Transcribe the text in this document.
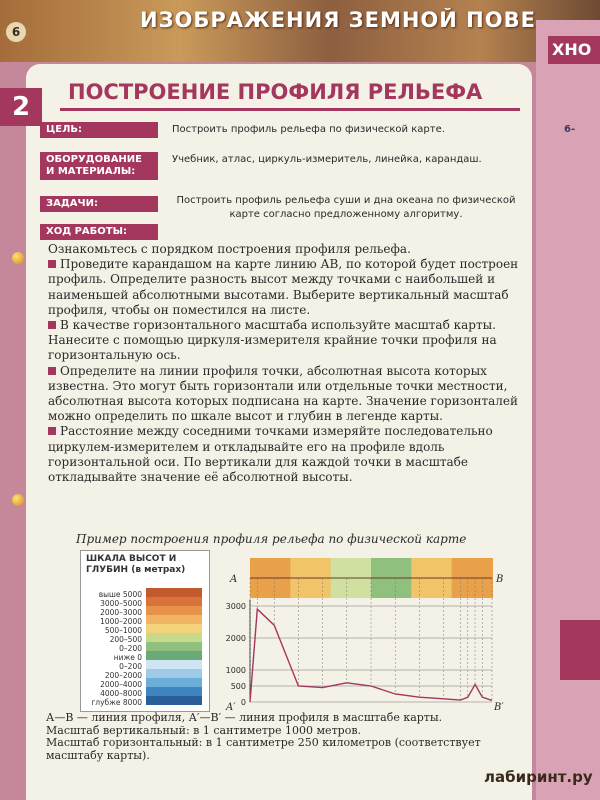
6	ИЗОБРАЖЕНИЯ ЗЕМНОЙ ПОВЕ
ХНО
6-
2	ПОСТРОЕНИЕ ПРОФИЛЯ РЕЛЬЕФА
ЦЕЛЬ:	Построить профиль рельефа по физической карте.
ОБОРУДОВАНИЕ И МАТЕРИАЛЫ:
Учебник, атлас, циркуль-измеритель, линейка, карандаш.
ЗАДАЧИ:	Построить профиль рельефа суши и дна океана по физической карте согласно предложенному алгоритму.
ХОД РАБОТЫ:

Ознакомьтесь с порядком построения профиля рельефа.

Проведите карандашом на карте линию АВ, по которой будет построен профиль. Определите разность высот между точками с наибольшей и наименьшей абсолютными высотами. Выберите вертикальный масштаб профиля, чтобы он поместился на листе.

В качестве горизонтального масштаба используйте масштаб карты. Нанесите с помощью циркуля-измерителя крайние точки профиля на горизонтальную ось.

Определите на линии профиля точки, абсолютная высота которых известна. Это могут быть горизонтали или отдельные точки местности, абсолютная высота которых подписана на карте. Значение горизонталей можно определить по шкале высот и глубин в легенде карты.

Расстояние между соседними точками измеряйте последовательно циркулем-измерителем и откладывайте его на профиле вдоль горизонтальной оси. По вертикали для каждой точки в масштабе откладывайте значение её абсолютной высоты.

Пример построения профиля рельефа по физической карте
ШКАЛА ВЫСОТ И ГЛУБИН (в метрах)
выше 5000
3000–5000
2000–3000
1000–2000
500–1000
200–500
0–200
ниже 0
0–200
200–2000
2000–4000
4000–8000
глубже 8000
A	B
3000
2000
1000
500
0
A′	B′
А—В — линия профиля, А′—В′ — линия профиля в масштабе карты.
Масштаб вертикальный: в 1 сантиметре 1000 метров.
Масштаб горизонтальный: в 1 сантиметре 250 километров (соответствует
масштабу карты).
лабиринт.ру
